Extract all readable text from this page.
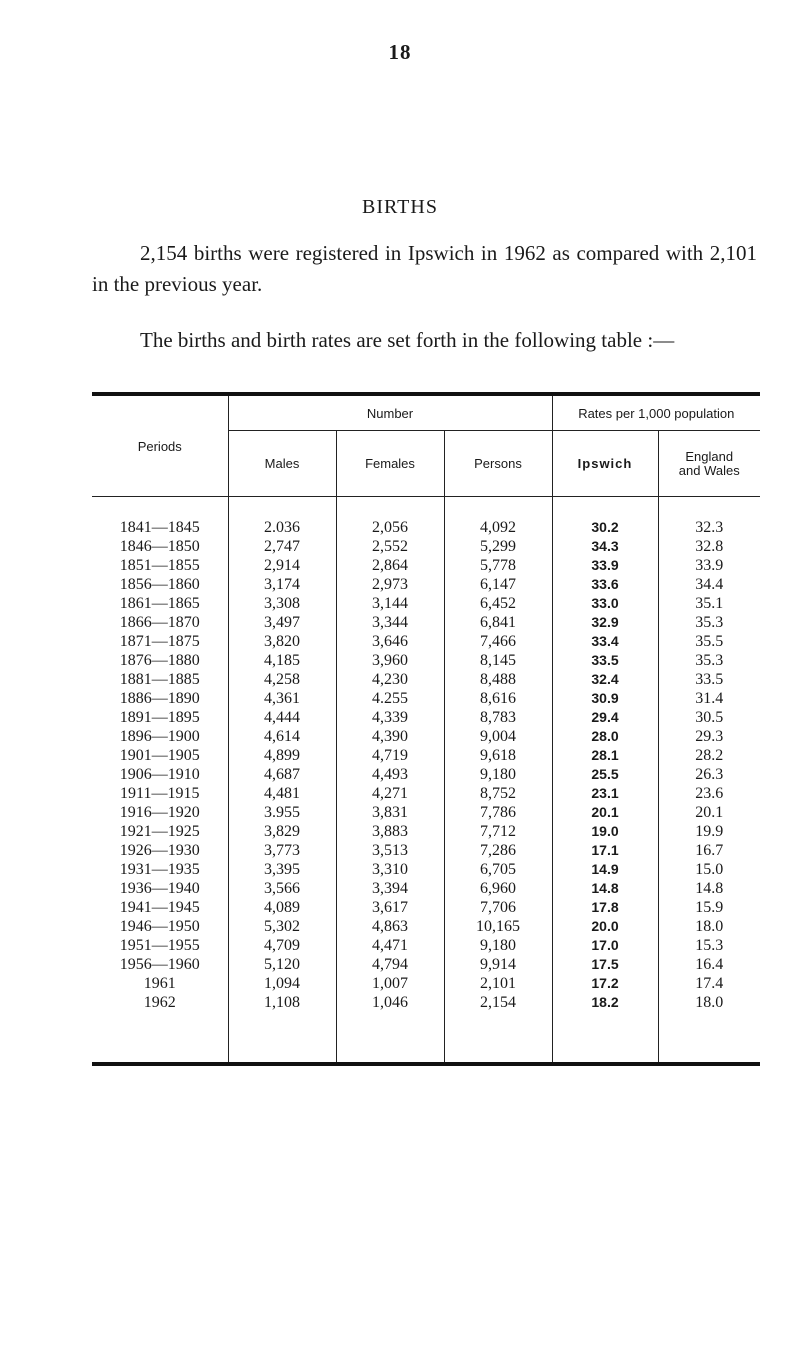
18
BIRTHS

2,154 births were registered in Ipswich in 1962 as compared with 2,101 in the previous year.

The births and birth rates are set forth in the following table :—

Periods	Number			Rates per 1,000 population	
	Males	Females	Persons	Ipswich	England
and Wales

1841—1845	2.036	2,056	4,092	30.2	32.3
1846—1850	2,747	2,552	5,299	34.3	32.8
1851—1855	2,914	2,864	5,778	33.9	33.9
1856—1860	3,174	2,973	6,147	33.6	34.4
1861—1865	3,308	3,144	6,452	33.0	35.1
1866—1870	3,497	3,344	6,841	32.9	35.3
1871—1875	3,820	3,646	7,466	33.4	35.5
1876—1880	4,185	3,960	8,145	33.5	35.3
1881—1885	4,258	4,230	8,488	32.4	33.5
1886—1890	4,361	4.255	8,616	30.9	31.4
1891—1895	4,444	4,339	8,783	29.4	30.5
1896—1900	4,614	4,390	9,004	28.0	29.3
1901—1905	4,899	4,719	9,618	28.1	28.2
1906—1910	4,687	4,493	9,180	25.5	26.3
1911—1915	4,481	4,271	8,752	23.1	23.6
1916—1920	3.955	3,831	7,786	20.1	20.1
1921—1925	3,829	3,883	7,712	19.0	19.9
1926—1930	3,773	3,513	7,286	17.1	16.7
1931—1935	3,395	3,310	6,705	14.9	15.0
1936—1940	3,566	3,394	6,960	14.8	14.8
1941—1945	4,089	3,617	7,706	17.8	15.9
1946—1950	5,302	4,863	10,165	20.0	18.0
1951—1955	4,709	4,471	9,180	17.0	15.3
1956—1960	5,120	4,794	9,914	17.5	16.4
1961	1,094	1,007	2,101	17.2	17.4
1962	1,108	1,046	2,154	18.2	18.0
